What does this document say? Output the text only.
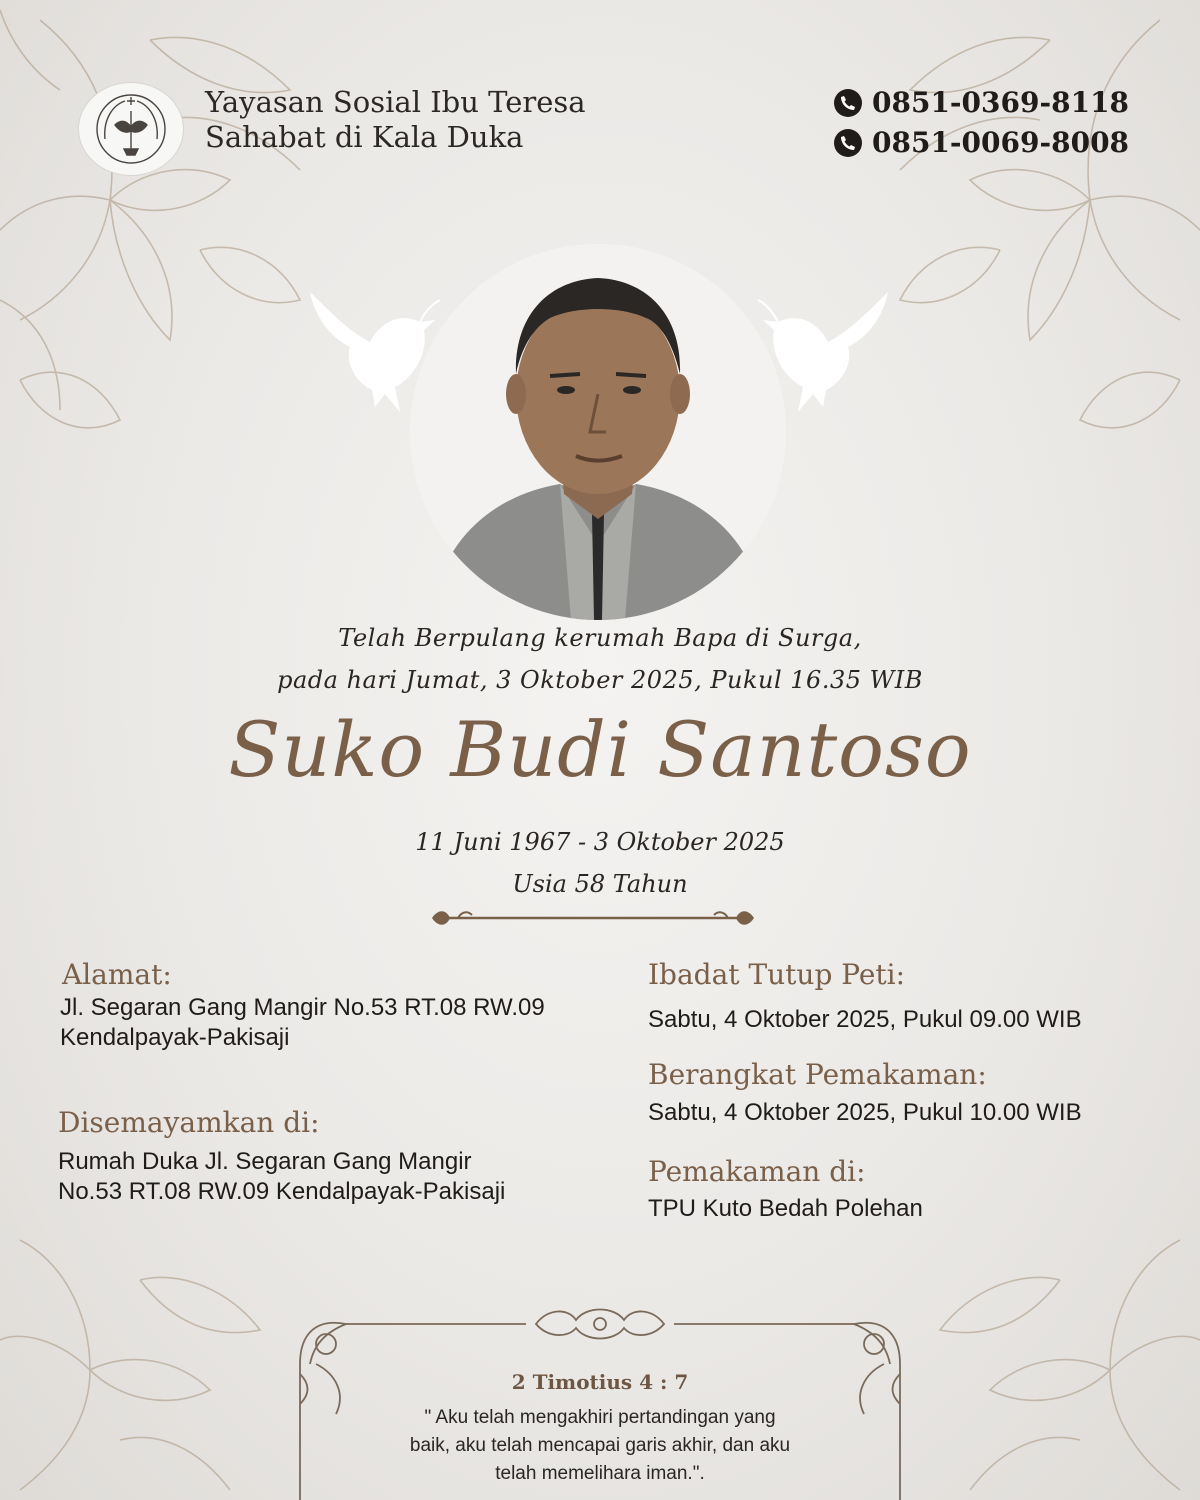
Yayasan Sosial Ibu Teresa
Sahabat di Kala Duka
0851-0369-8118
0851-0069-8008
Telah Berpulang kerumah Bapa di Surga,
pada hari Jumat, 3 Oktober 2025, Pukul 16.35 WIB
Suko Budi Santoso
11 Juni 1967 - 3 Oktober 2025
Usia 58 Tahun
Alamat:
Jl. Segaran Gang Mangir No.53 RT.08 RW.09
Kendalpayak-Pakisaji
Disemayamkan di:
Rumah Duka Jl. Segaran Gang Mangir
No.53 RT.08 RW.09 Kendalpayak-Pakisaji
Ibadat Tutup Peti:
Sabtu, 4 Oktober 2025, Pukul 09.00 WIB
Berangkat Pemakaman:
Sabtu, 4 Oktober 2025, Pukul 10.00 WIB
Pemakaman di:
TPU Kuto Bedah Polehan
2 Timotius 4 : 7
" Aku telah mengakhiri pertandingan yang
baik, aku telah mencapai garis akhir, dan aku
telah memelihara iman.".
